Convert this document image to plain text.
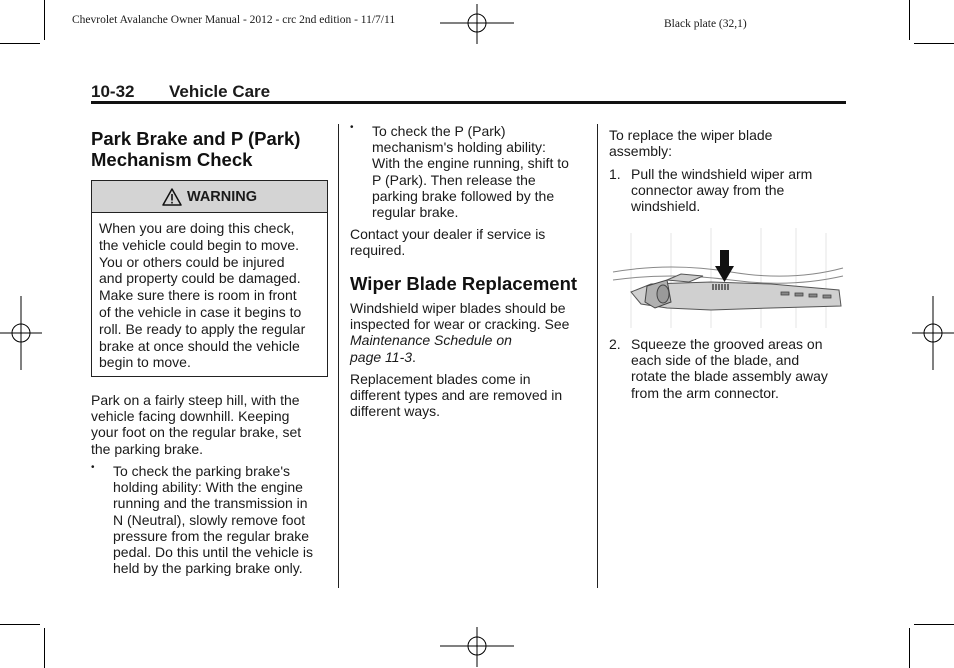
Chevrolet Avalanche Owner Manual - 2012 - crc 2nd edition - 11/7/11	Black plate (32,1)
10-32 Vehicle Care
Park Brake and P (Park)
Mechanism Check
WARNING
When you are doing this check,
the vehicle could begin to move.
You or others could be injured
and property could be damaged.
Make sure there is room in front
of the vehicle in case it begins to
roll. Be ready to apply the regular
brake at once should the vehicle
begin to move.
Park on a fairly steep hill, with the
vehicle facing downhill. Keeping
your foot on the regular brake, set
the parking brake.
• To check the parking brake's
holding ability: With the engine
running and the transmission in
N (Neutral), slowly remove foot
pressure from the regular brake
pedal. Do this until the vehicle is
held by the parking brake only.
• To check the P (Park)
mechanism's holding ability:
With the engine running, shift to
P (Park). Then release the
parking brake followed by the
regular brake.
Contact your dealer if service is
required.
Wiper Blade Replacement
Windshield wiper blades should be
inspected for wear or cracking. See
Maintenance Schedule on
page 11-3.
Replacement blades come in
different types and are removed in
different ways.
To replace the wiper blade
assembly:
1. Pull the windshield wiper arm
connector away from the
windshield.
2. Squeeze the grooved areas on
each side of the blade, and
rotate the blade assembly away
from the arm connector.
